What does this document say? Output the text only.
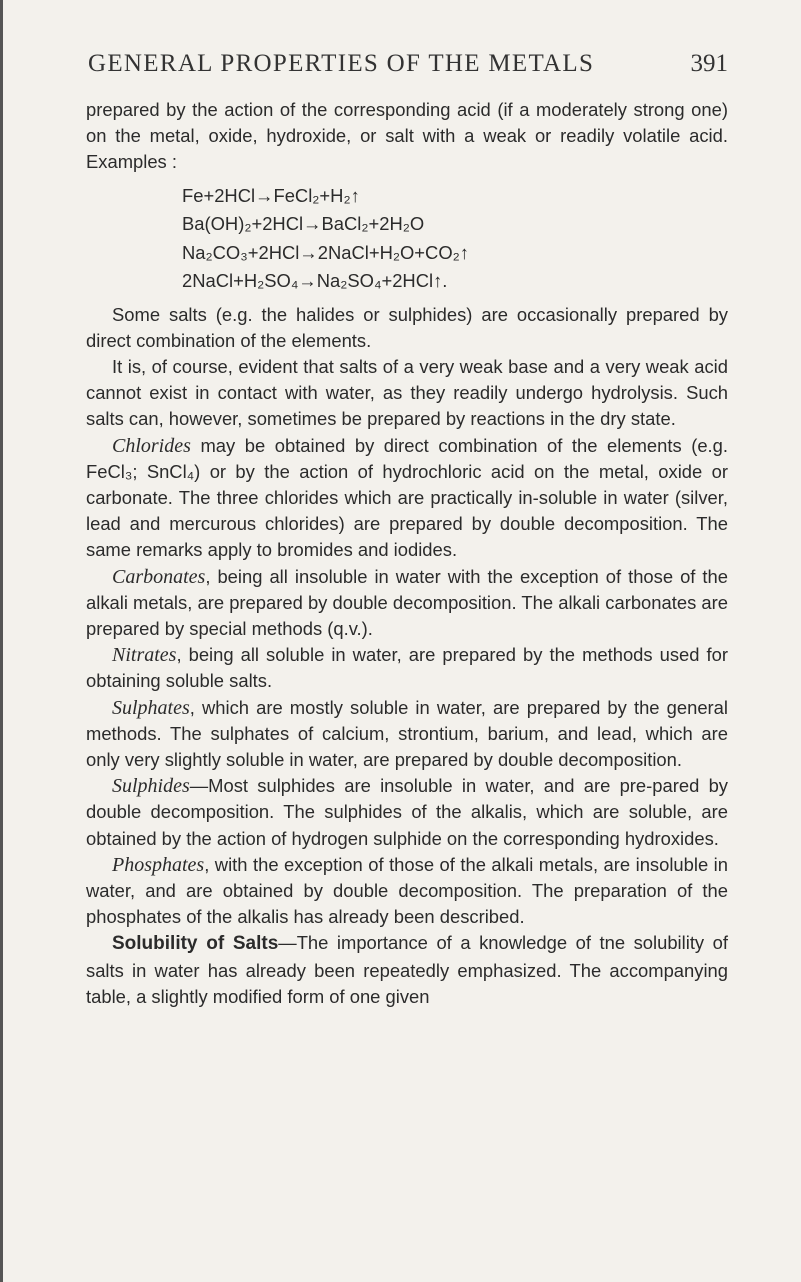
GENERAL PROPERTIES OF THE METALS	391

prepared by the action of the corresponding acid (if a moderately strong one) on the metal, oxide, hydroxide, or salt with a weak or readily volatile acid. Examples :

Fe+2HCl→FeCl₂+H₂↑
Ba(OH)₂+2HCl→BaCl₂+2H₂O
Na₂CO₃+2HCl→2NaCl+H₂O+CO₂↑
2NaCl+H₂SO₄→Na₂SO₄+2HCl↑.

Some salts (e.g. the halides or sulphides) are occasionally prepared by direct combination of the elements.

It is, of course, evident that salts of a very weak base and a very weak acid cannot exist in contact with water, as they readily undergo hydrolysis. Such salts can, however, sometimes be prepared by reactions in the dry state.

Chlorides may be obtained by direct combination of the elements (e.g. FeCl₃; SnCl₄) or by the action of hydrochloric acid on the metal, oxide or carbonate. The three chlorides which are practically in-soluble in water (silver, lead and mercurous chlorides) are prepared by double decomposition. The same remarks apply to bromides and iodides.

Carbonates, being all insoluble in water with the exception of those of the alkali metals, are prepared by double decomposition. The alkali carbonates are prepared by special methods (q.v.).

Nitrates, being all soluble in water, are prepared by the methods used for obtaining soluble salts.

Sulphates, which are mostly soluble in water, are prepared by the general methods. The sulphates of calcium, strontium, barium, and lead, which are only very slightly soluble in water, are prepared by double decomposition.

Sulphides—Most sulphides are insoluble in water, and are pre-pared by double decomposition. The sulphides of the alkalis, which are soluble, are obtained by the action of hydrogen sulphide on the corresponding hydroxides.

Phosphates, with the exception of those of the alkali metals, are insoluble in water, and are obtained by double decomposition. The preparation of the phosphates of the alkalis has already been described.

Solubility of Salts—The importance of a knowledge of tne solubility of salts in water has already been repeatedly emphasized. The accompanying table, a slightly modified form of one given
